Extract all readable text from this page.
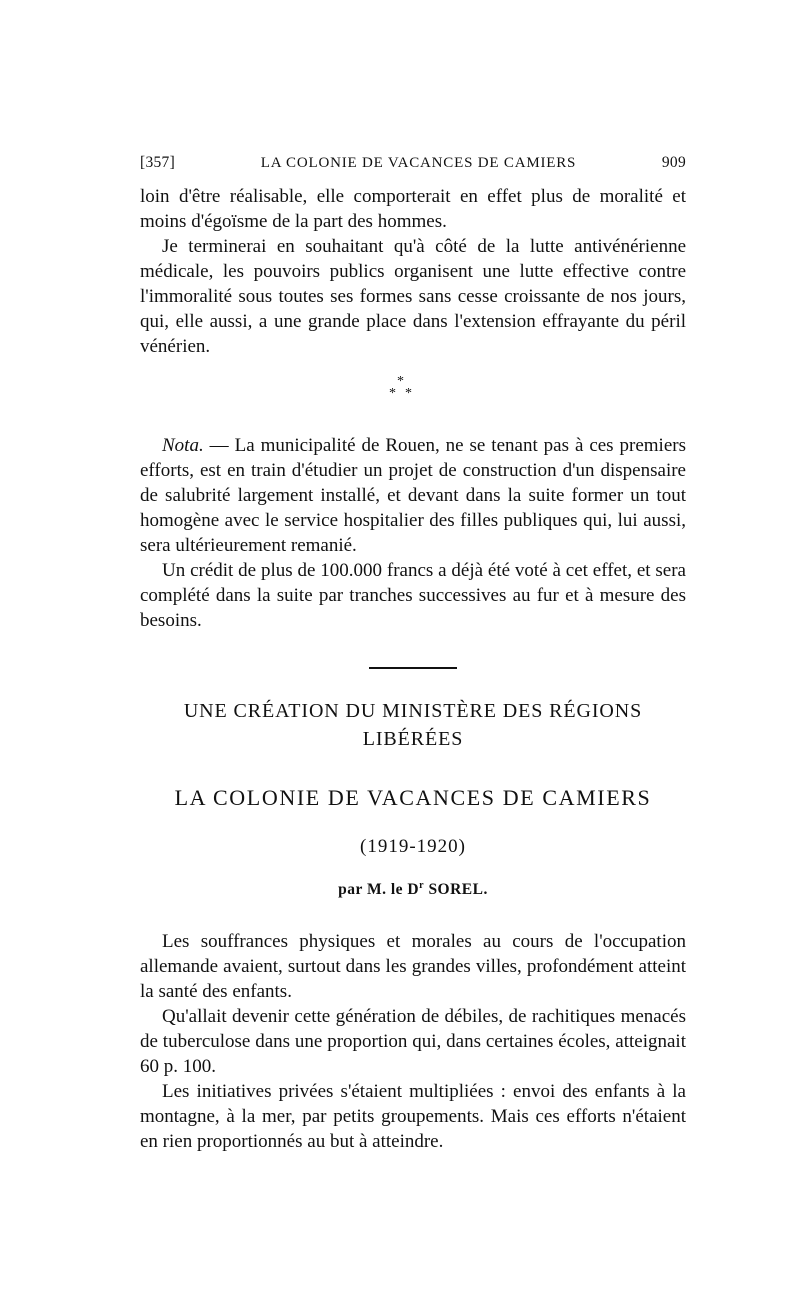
[357]	LA COLONIE DE VACANCES DE CAMIERS	909

loin d'être réalisable, elle comporterait en effet plus de moralité et moins d'égoïsme de la part des hommes.

Je terminerai en souhaitant qu'à côté de la lutte antivénérienne médicale, les pouvoirs publics organisent une lutte effective contre l'immoralité sous toutes ses formes sans cesse croissante de nos jours, qui, elle aussi, a une grande place dans l'extension effrayante du péril vénérien.

*
* *

Nota. — La municipalité de Rouen, ne se tenant pas à ces premiers efforts, est en train d'étudier un projet de construction d'un dispensaire de salubrité largement installé, et devant dans la suite former un tout homogène avec le service hospitalier des filles publiques qui, lui aussi, sera ultérieurement remanié.

Un crédit de plus de 100.000 francs a déjà été voté à cet effet, et sera complété dans la suite par tranches successives au fur et à mesure des besoins.

UNE CRÉATION DU MINISTÈRE DES RÉGIONS LIBÉRÉES
LA COLONIE DE VACANCES DE CAMIERS
(1919-1920)
par M. le $D^r$ SOREL.

Les souffrances physiques et morales au cours de l'occupation allemande avaient, surtout dans les grandes villes, profondément atteint la santé des enfants.

Qu'allait devenir cette génération de débiles, de rachitiques menacés de tuberculose dans une proportion qui, dans certaines écoles, atteignait 60 p. 100.

Les initiatives privées s'étaient multipliées : envoi des enfants à la montagne, à la mer, par petits groupements. Mais ces efforts n'étaient en rien proportionnés au but à atteindre.
